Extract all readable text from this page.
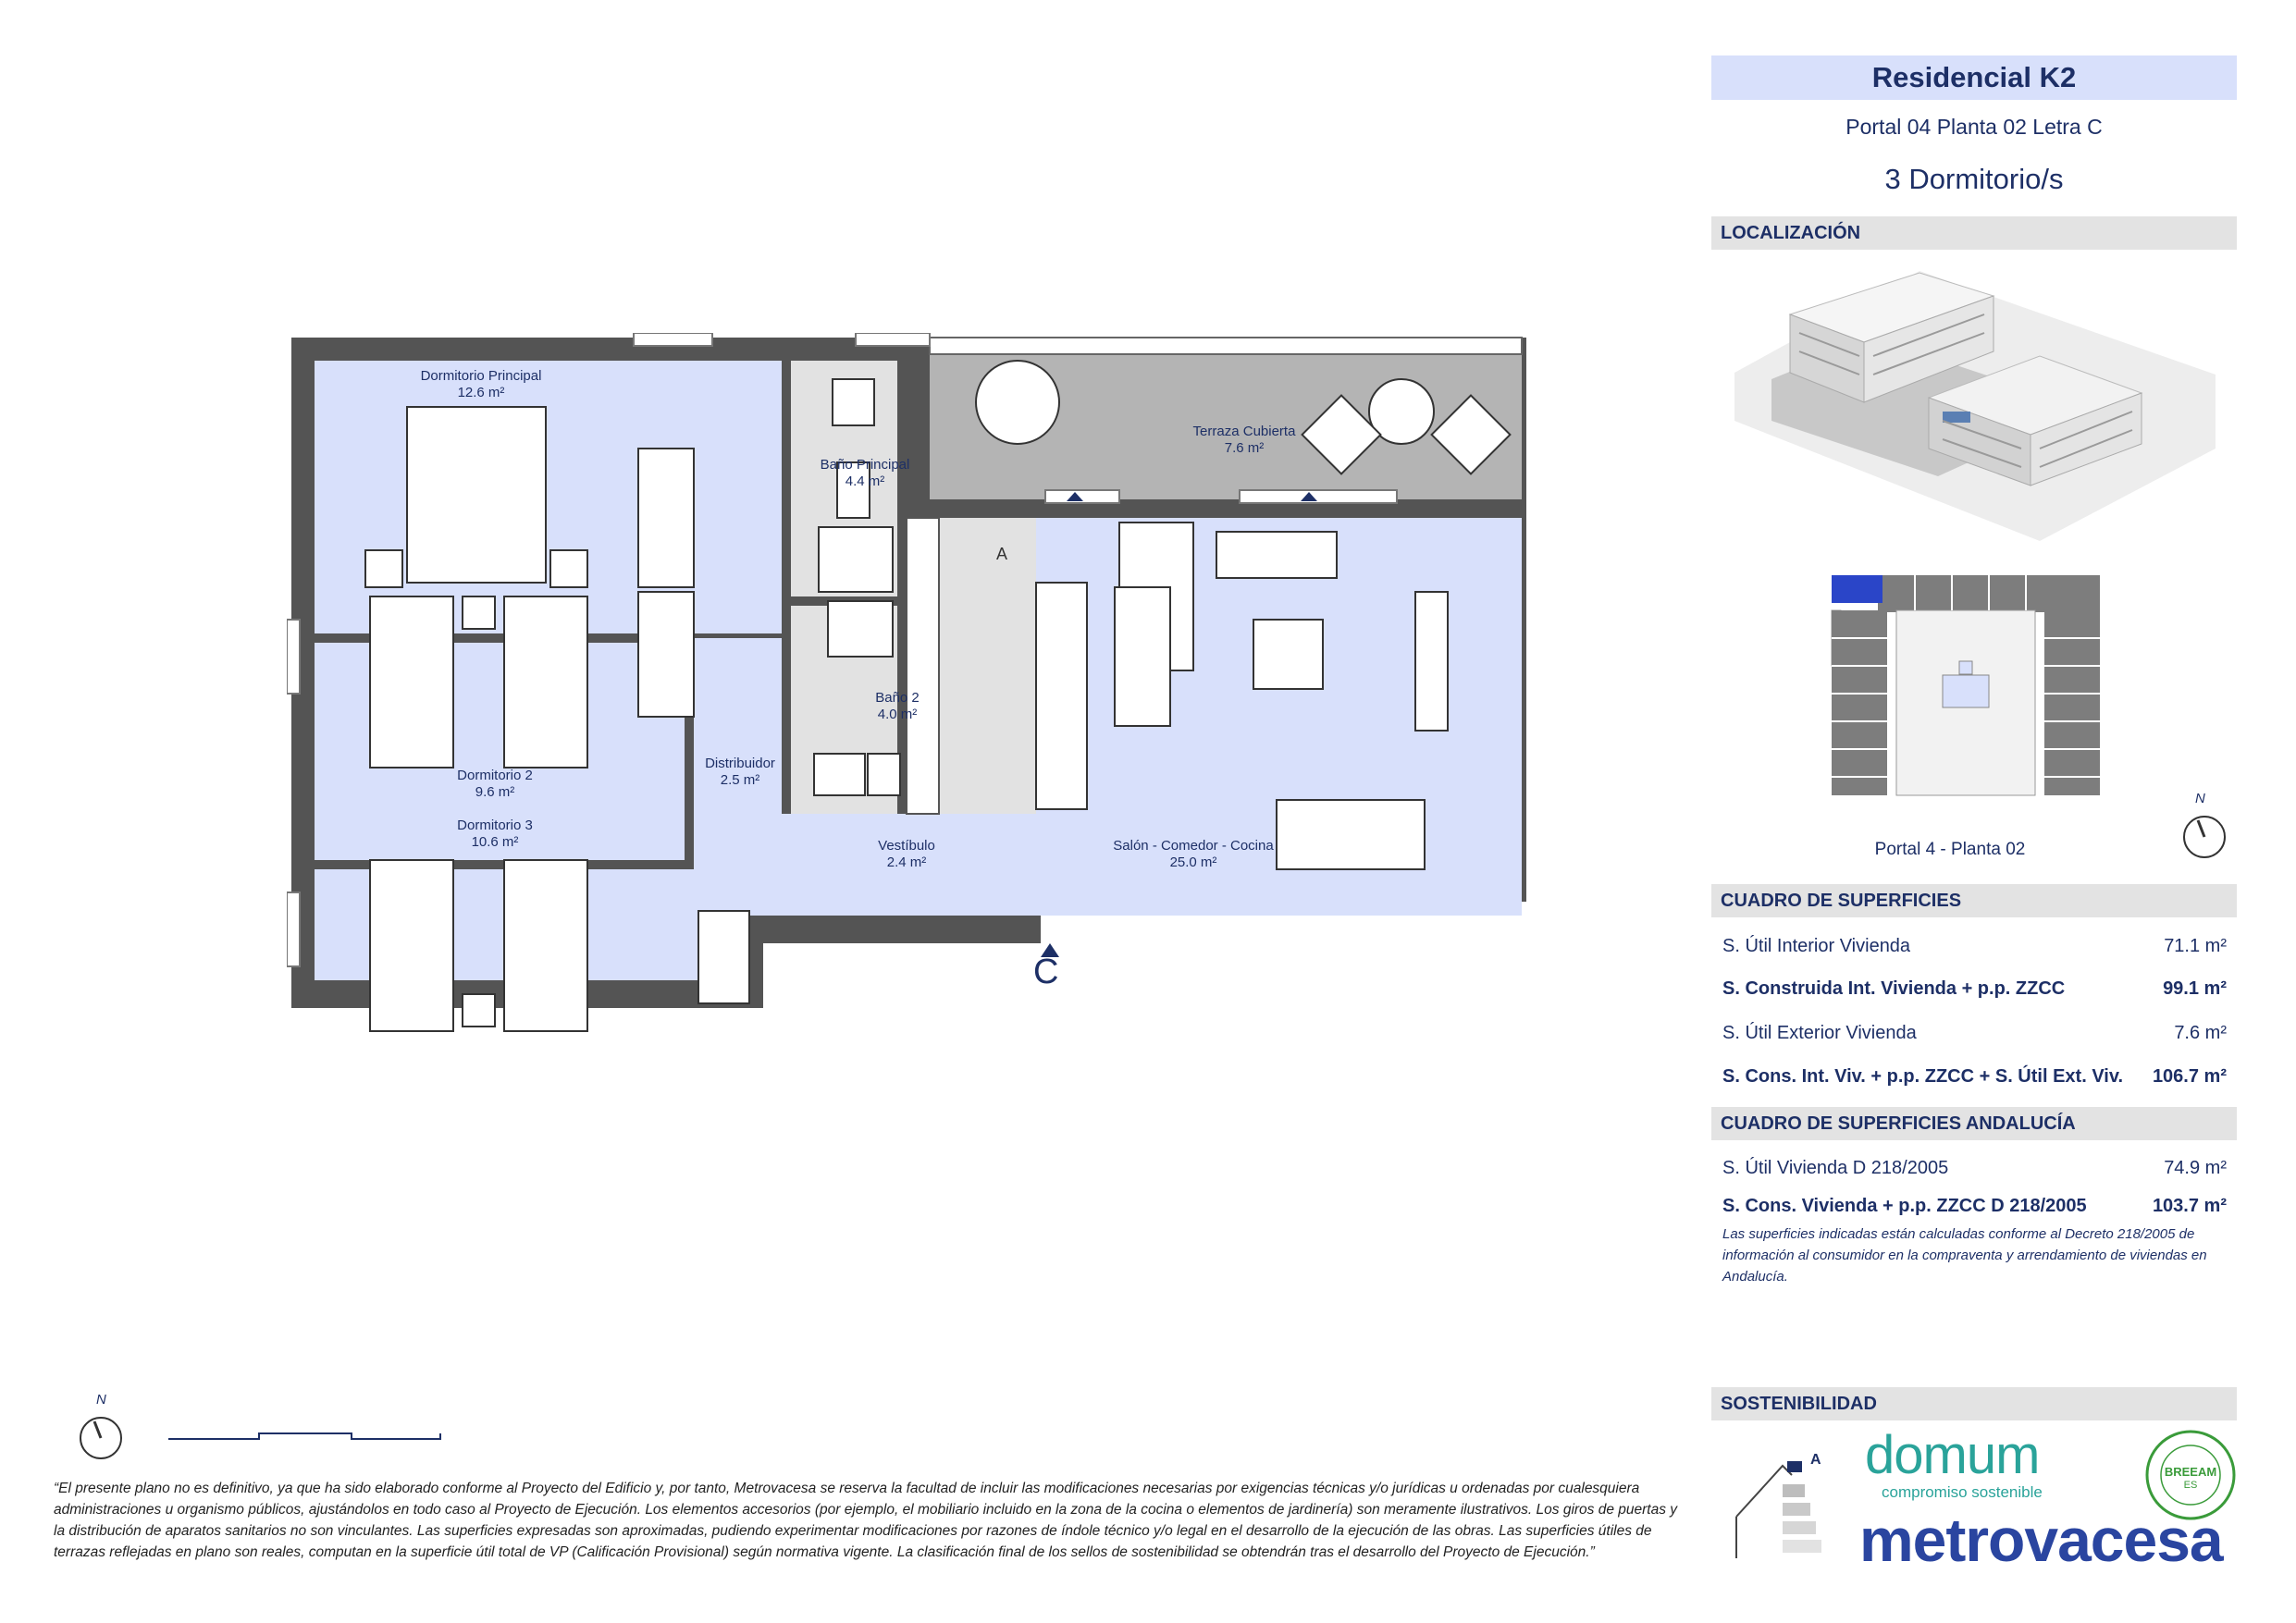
Residencial K2
Portal 04 Planta 02 Letra C
3 Dormitorio/s
LOCALIZACIÓN
Portal 4 - Planta 02
N
CUADRO DE SUPERFICIES
S. Útil Interior Vivienda	71.1 m²
S. Construida Int. Vivienda + p.p. ZZCC	99.1 m²
S. Útil Exterior Vivienda	7.6 m²
S. Cons. Int. Viv. + p.p. ZZCC + S. Útil Ext. Viv. 106.7 m²
CUADRO DE SUPERFICIES ANDALUCÍA
S. Útil Vivienda D 218/2005	74.9 m²
S. Cons. Vivienda + p.p. ZZCC D 218/2005	103.7 m²
Las superficies indicadas están calculadas conforme al Decreto 218/2005 de información al consumidor en la compraventa y arrendamiento de viviendas en Andalucía.
SOSTENIBILIDAD
A domum
compromiso sostenible
BREEAM
ES
metrovacesa
Dormitorio Principal
12.6 m²
Baño Principal
4.4 m²
Terraza Cubierta
7.6 m²
Dormitorio 2
9.6 m²
Baño 2
4.0 m²
Distribuidor
2.5 m²
Dormitorio 3
10.6 m²	Vestíbulo
2.4 m²
Salón - Comedor - Cocina
25.0 m²
A
C
N
“El presente plano no es definitivo, ya que ha sido elaborado conforme al Proyecto del Edificio y, por tanto, Metrovacesa se reserva la facultad de incluir las modificaciones necesarias por exigencias técnicas y/o jurídicas u ordenadas por cualesquiera administraciones u organismo públicos, ajustándolos en todo caso al Proyecto de Ejecución. Los elementos accesorios (por ejemplo, el mobiliario incluido en la zona de la cocina o elementos de jardinería) son meramente ilustrativos. Los giros de puertas y la distribución de aparatos sanitarios no son vinculantes. Las superficies expresadas son aproximadas, pudiendo experimentar modificaciones por razones de índole técnico y/o legal en el desarrollo de la ejecución de las obras. Las superficies útiles de terrazas reflejadas en plano son reales, computan en la superficie útil total de VP (Calificación Provisional) según normativa vigente. La clasificación final de los sellos de sostenibilidad se obtendrán tras el desarrollo del Proyecto de Ejecución.”
